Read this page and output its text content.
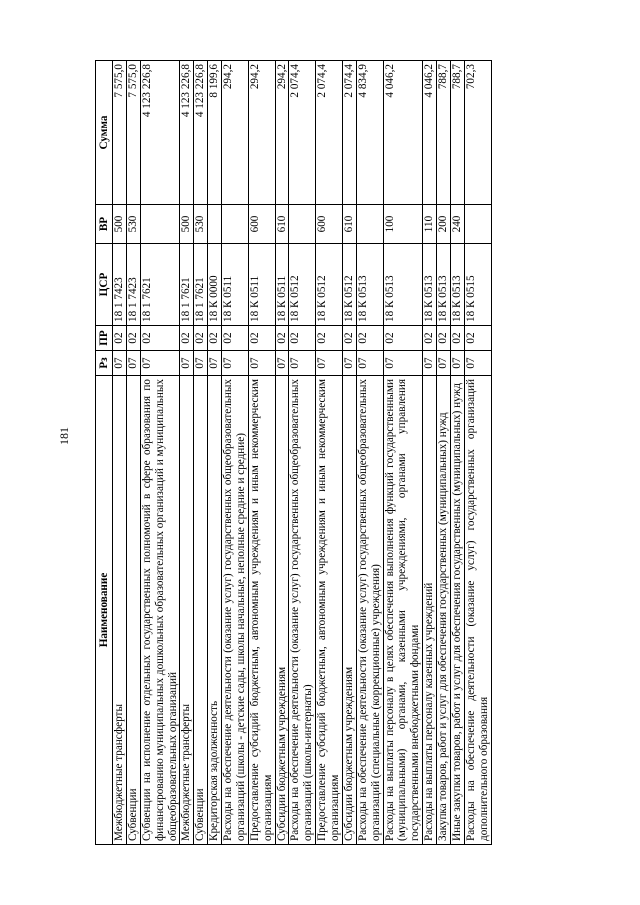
181
Наименование	Рз	ПР	ЦСР	ВР	Сумма
Межбюджетные трансферты	07	02	18 1 7423	500	7 575,0
Субвенции	07	02	18 1 7423	530	7 575,0
Субвенции на исполнение отдельных государственных полномочий в сфере образования по финансированию муниципальных дошкольных образовательных организаций и муниципальных общеобразовательных организаций	07	02	18 1 7621		4 123 226,8
Межбюджетные трансферты	07	02	18 1 7621	500	4 123 226,8
Субвенции	07	02	18 1 7621	530	4 123 226,8
Кредиторская задолженность	07	02	18 К 0000		8 199,6
Расходы на обеспечение деятельности (оказание услуг) государственных общеобразовательных организаций (школы - детские сады, школы начальные, неполные средние и средние)	07	02	18 К 0511		294,2
Предоставление субсидий бюджетным, автономным учреждениям и иным некоммерческим организациям	07	02	18 К 0511	600	294,2
Субсидии бюджетным учреждениям	07	02	18 К 0511	610	294,2
Расходы на обеспечение деятельности (оказание услуг) государственных общеобразовательных организаций (школы-интернаты)	07	02	18 К 0512		2 074,4
Предоставление субсидий бюджетным, автономным учреждениям и иным некоммерческим организациям	07	02	18 К 0512	600	2 074,4
Субсидии бюджетным учреждениям	07	02	18 К 0512	610	2 074,4
Расходы на обеспечение деятельности (оказание услуг) государственных общеобразовательных организаций (специальные (коррекционные) учреждения)	07	02	18 К 0513		4 834,9
Расходы на выплаты персоналу в целях обеспечения выполнения функций государственными (муниципальными) органами, казенными учреждениями, органами управления государственными внебюджетными фондами	07	02	18 К 0513	100	4 046,2
Расходы на выплаты персоналу казенных учреждений	07	02	18 К 0513	110	4 046,2
Закупка товаров, работ и услуг для обеспечения государственных (муниципальных) нужд	07	02	18 К 0513	200	788,7
Иные закупки товаров, работ и услуг для обеспечения государственных (муниципальных) нужд	07	02	18 К 0513	240	788,7
Расходы на обеспечение деятельности (оказание услуг) государственных организаций дополнительного образования	07	02	18 К 0515		702,3
